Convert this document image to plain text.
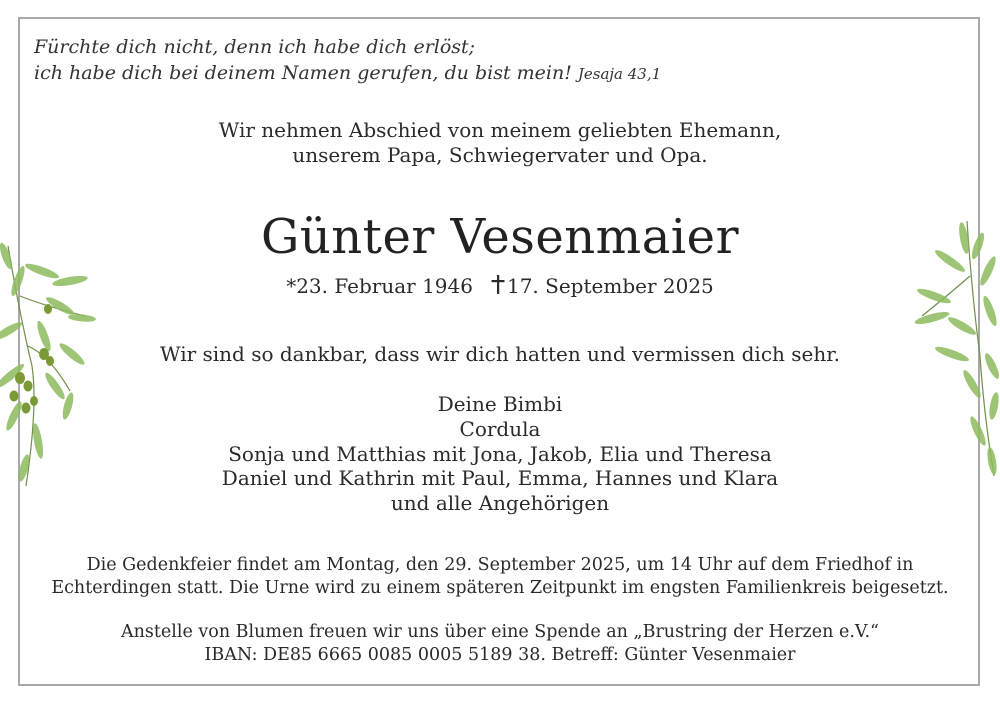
Fürchte dich nicht, denn ich habe dich erlöst;
ich habe dich bei deinem Namen gerufen, du bist mein! Jesaja 43,1
Wir nehmen Abschied von meinem geliebten Ehemann,
unserem Papa, Schwiegervater und Opa.
Günter Vesenmaier
*23. Februar 1946 17. September 2025
Wir sind so dankbar, dass wir dich hatten und vermissen dich sehr.
Deine Bimbi
Cordula
Sonja und Matthias mit Jona, Jakob, Elia und Theresa
Daniel und Kathrin mit Paul, Emma, Hannes und Klara
und alle Angehörigen
Die Gedenkfeier findet am Montag, den 29. September 2025, um 14 Uhr auf dem Friedhof in
Echterdingen statt. Die Urne wird zu einem späteren Zeitpunkt im engsten Familienkreis beigesetzt.
Anstelle von Blumen freuen wir uns über eine Spende an „Brustring der Herzen e.V.“
IBAN: DE85 6665 0085 0005 5189 38. Betreff: Günter Vesenmaier
